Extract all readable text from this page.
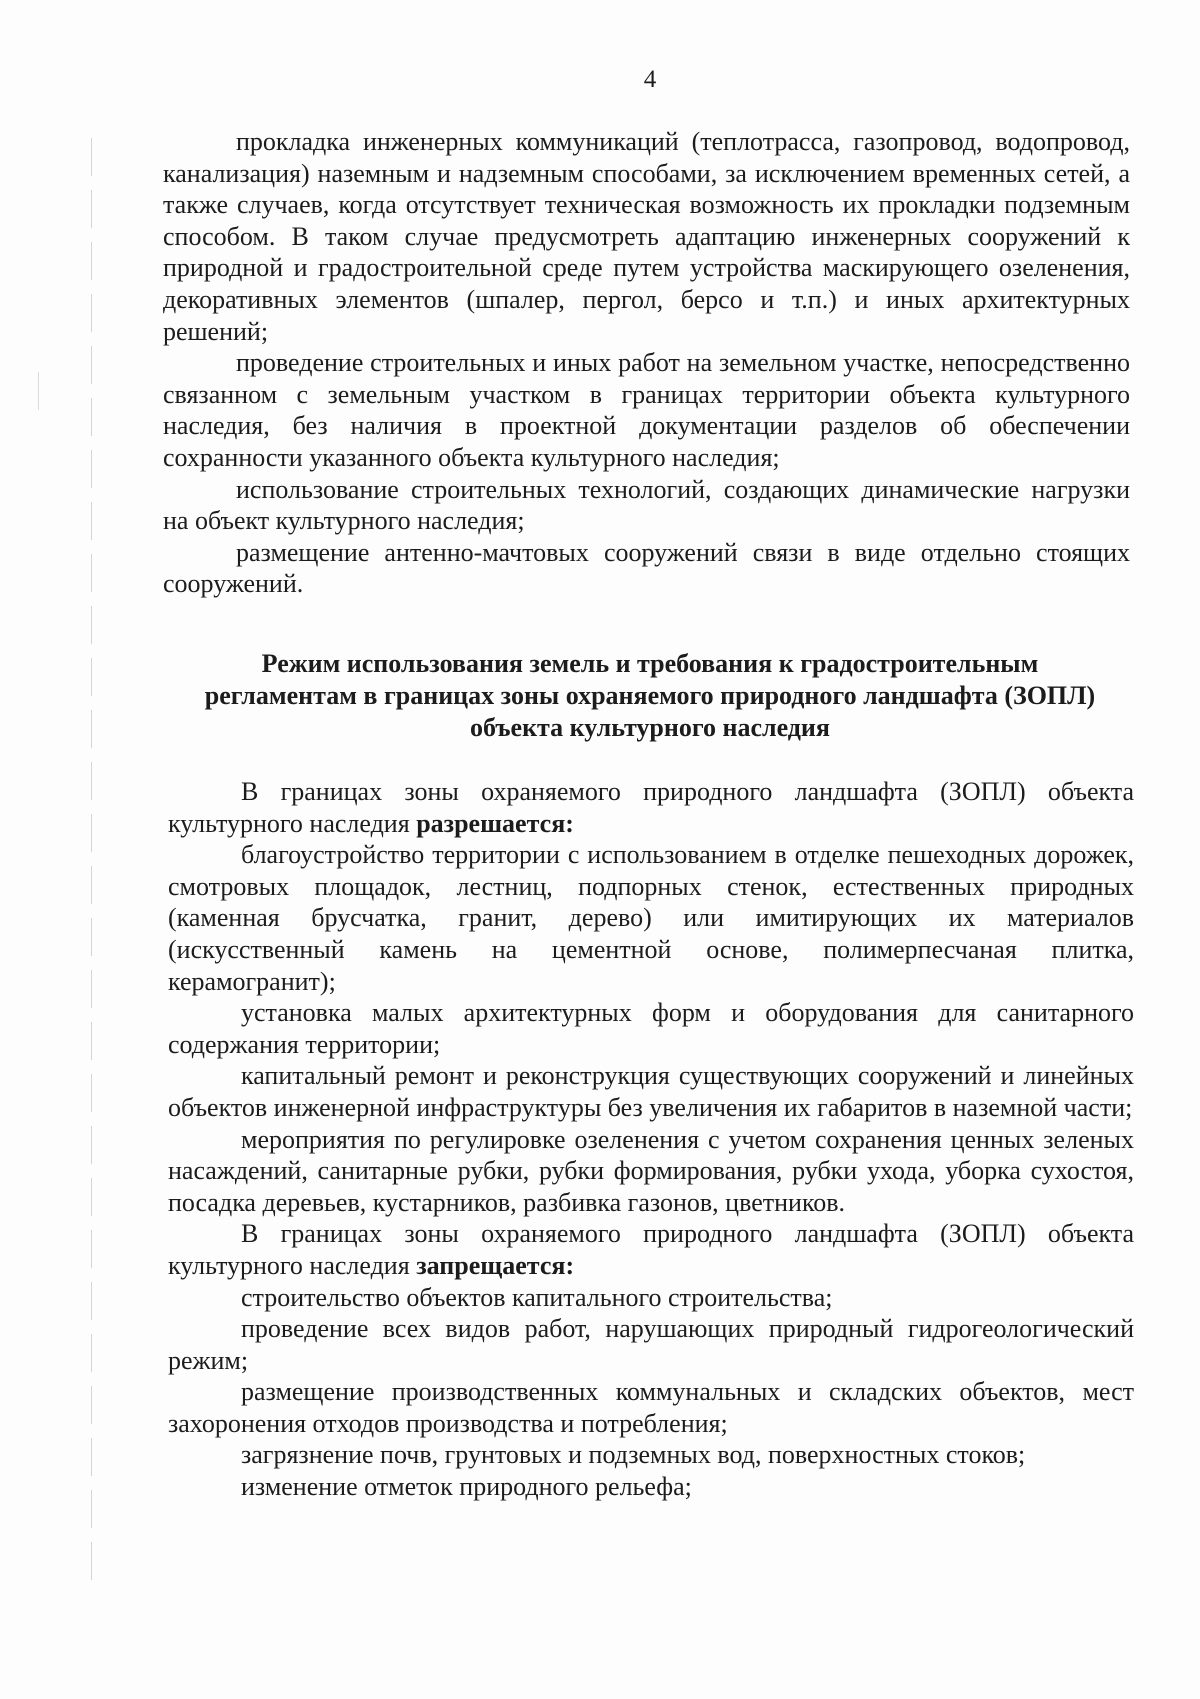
4
прокладка инженерных коммуникаций (теплотрасса, газопровод, водопровод, канализация) наземным и надземным способами, за исключением временных сетей, а также случаев, когда отсутствует техническая возможность их прокладки подземным способом. В таком случае предусмотреть адаптацию инженерных сооружений к природной и градостроительной среде путем устройства маскирующего озеленения, декоративных элементов (шпалер, пергол, берсо и т.п.) и иных архитектурных решений;
проведение строительных и иных работ на земельном участке, непосредственно связанном с земельным участком в границах территории объекта культурного наследия, без наличия в проектной документации разделов об обеспечении сохранности указанного объекта культурного наследия;
использование строительных технологий, создающих динамические нагрузки на объект культурного наследия;
размещение антенно-мачтовых сооружений связи в виде отдельно стоящих сооружений.
Режим использования земель и требования к градостроительным
регламентам в границах зоны охраняемого природного ландшафта (ЗОПЛ)
объекта культурного наследия
В границах зоны охраняемого природного ландшафта (ЗОПЛ) объекта культурного наследия разрешается:
благоустройство территории с использованием в отделке пешеходных дорожек, смотровых площадок, лестниц, подпорных стенок, естественных природных (каменная брусчатка, гранит, дерево) или имитирующих их материалов (искусственный камень на цементной основе, полимерпесчаная плитка, керамогранит);
установка малых архитектурных форм и оборудования для санитарного содержания территории;
капитальный ремонт и реконструкция существующих сооружений и линейных объектов инженерной инфраструктуры без увеличения их габаритов в наземной части;
мероприятия по регулировке озеленения с учетом сохранения ценных зеленых насаждений, санитарные рубки, рубки формирования, рубки ухода, уборка сухостоя, посадка деревьев, кустарников, разбивка газонов, цветников.
В границах зоны охраняемого природного ландшафта (ЗОПЛ) объекта культурного наследия запрещается:
строительство объектов капитального строительства;
проведение всех видов работ, нарушающих природный гидрогеологический режим;
размещение производственных коммунальных и складских объектов, мест захоронения отходов производства и потребления;
загрязнение почв, грунтовых и подземных вод, поверхностных стоков;
изменение отметок природного рельефа;
